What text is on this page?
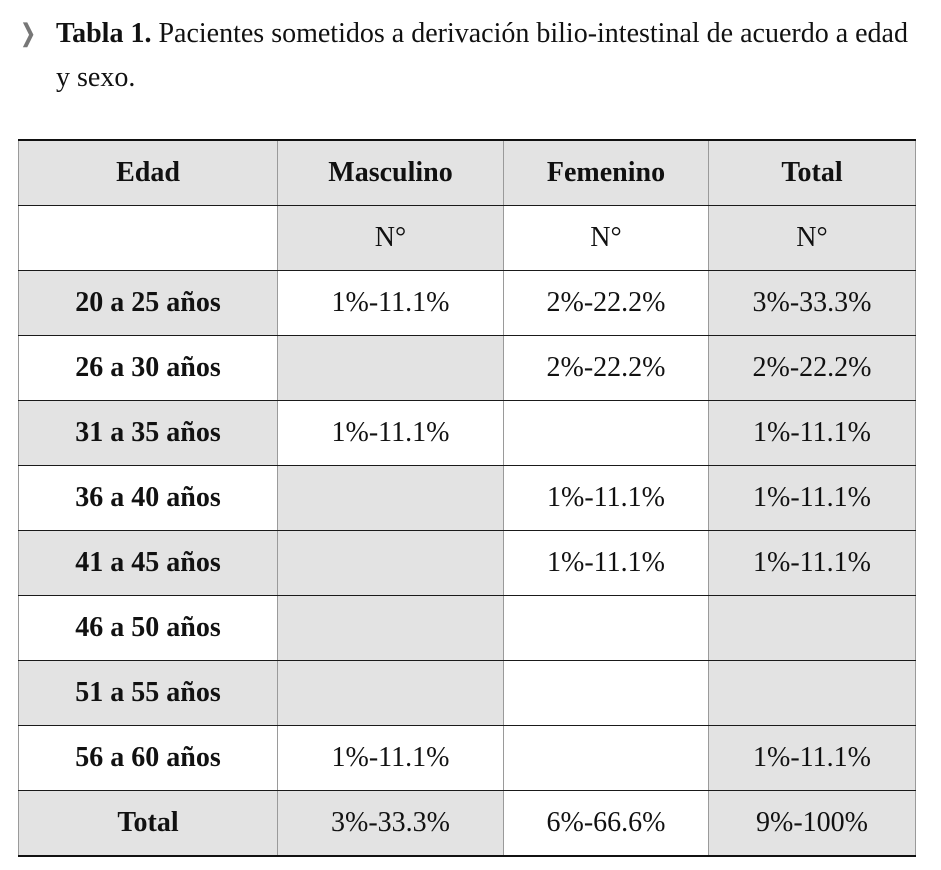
❭ Tabla 1. Pacientes sometidos a derivación bilio-intestinal de acuerdo a edad y sexo.
Edad	Masculino	Femenino	Total
	N°	N°	N°
20 a 25 años	1%-11.1%	2%-22.2%	3%-33.3%
26 a 30 años		2%-22.2%	2%-22.2%
31 a 35 años	1%-11.1%		1%-11.1%
36 a 40 años		1%-11.1%	1%-11.1%
41 a 45 años		1%-11.1%	1%-11.1%
46 a 50 años			
51 a 55 años			
56 a 60 años	1%-11.1%		1%-11.1%
Total	3%-33.3%	6%-66.6%	9%-100%
